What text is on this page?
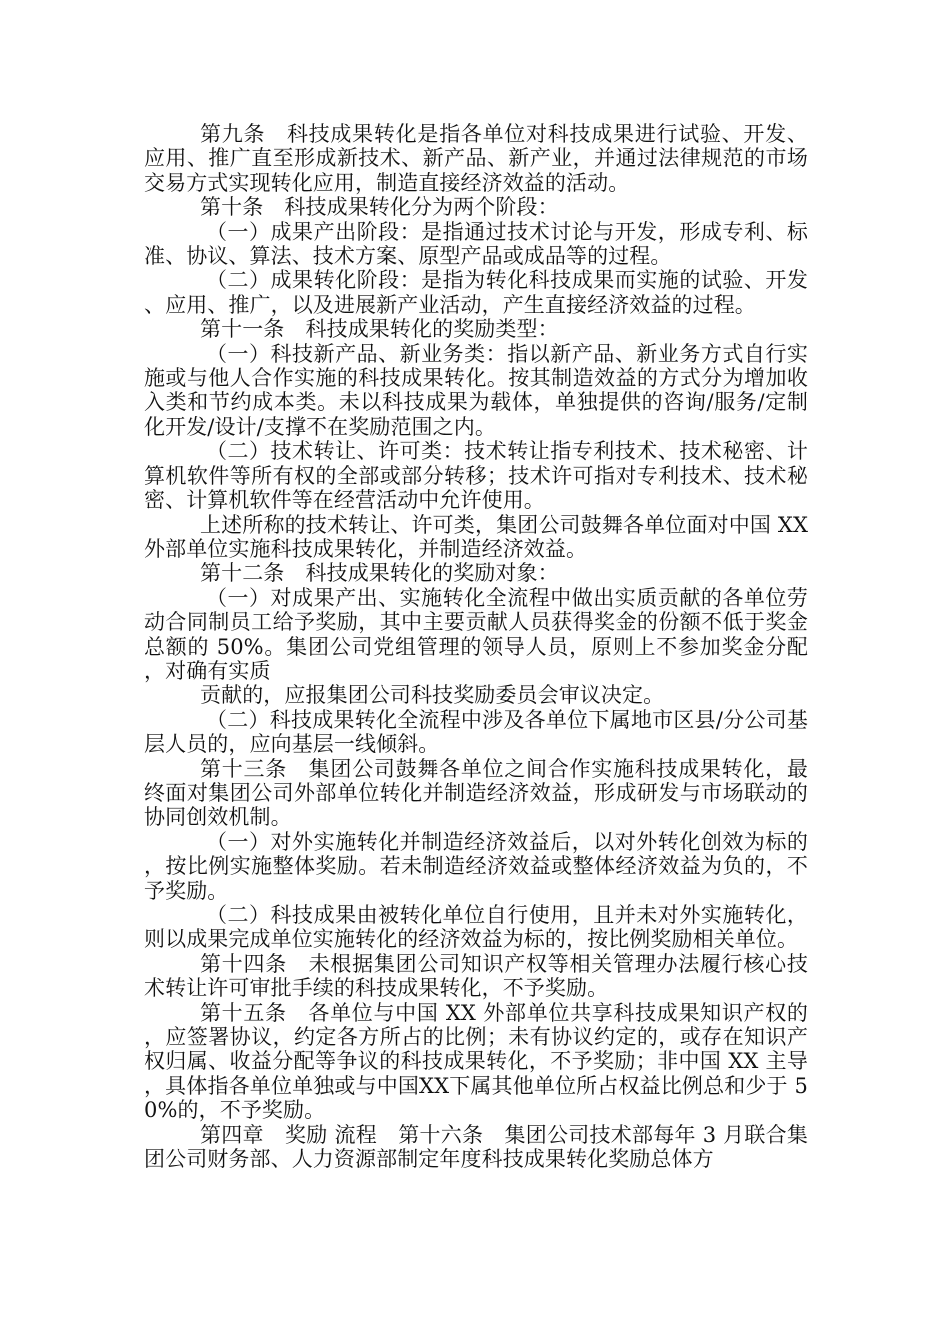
第九条　科技成果转化是指各单位对科技成果进行试验、开发、应用、推广直至形成新技术、新产品、新产业，并通过法律规范的市场交易方式实现转化应用，制造直接经济效益的活动。

第十条　科技成果转化分为两个阶段：

（一）成果产出阶段：是指通过技术讨论与开发，形成专利、标准、协议、算法、技术方案、原型产品或成品等的过程。

（二）成果转化阶段：是指为转化科技成果而实施的试验、开发、应用、推广，以及进展新产业活动，产生直接经济效益的过程。

第十一条　科技成果转化的奖励类型：

（一）科技新产品、新业务类：指以新产品、新业务方式自行实施或与他人合作实施的科技成果转化。按其制造效益的方式分为增加收入类和节约成本类。未以科技成果为载体，单独提供的咨询/服务/定制化开发/设计/支撑不在奖励范围之内。

（二）技术转让、许可类：技术转让指专利技术、技术秘密、计算机软件等所有权的全部或部分转移；技术许可指对专利技术、技术秘密、计算机软件等在经营活动中允许使用。

上述所称的技术转让、许可类，集团公司鼓舞各单位面对中国 XX 外部单位实施科技成果转化，并制造经济效益。

第十二条　科技成果转化的奖励对象：

（一）对成果产出、实施转化全流程中做出实质贡献的各单位劳动合同制员工给予奖励，其中主要贡献人员获得奖金的份额不低于奖金总额的 50%。集团公司党组管理的领导人员，原则上不参加奖金分配，对确有实质

贡献的，应报集团公司科技奖励委员会审议决定。

（二）科技成果转化全流程中涉及各单位下属地市区县/分公司基层人员的，应向基层一线倾斜。

第十三条　集团公司鼓舞各单位之间合作实施科技成果转化，最终面对集团公司外部单位转化并制造经济效益，形成研发与市场联动的协同创效机制。

（一）对外实施转化并制造经济效益后，以对外转化创效为标的，按比例实施整体奖励。若未制造经济效益或整体经济效益为负的，不予奖励。

（二）科技成果由被转化单位自行使用，且并未对外实施转化，则以成果完成单位实施转化的经济效益为标的，按比例奖励相关单位。

第十四条　未根据集团公司知识产权等相关管理办法履行核心技术转让许可审批手续的科技成果转化，不予奖励。

第十五条　各单位与中国 XX 外部单位共享科技成果知识产权的，应签署协议，约定各方所占的比例；未有协议约定的，或存在知识产权归属、收益分配等争议的科技成果转化，不予奖励；非中国 XX 主导，具体指各单位单独或与中国XX下属其他单位所占权益比例总和少于 50%的，不予奖励。

第四章　奖励 流程　第十六条　集团公司技术部每年 3 月联合集团公司财务部、人力资源部制定年度科技成果转化奖励总体方
